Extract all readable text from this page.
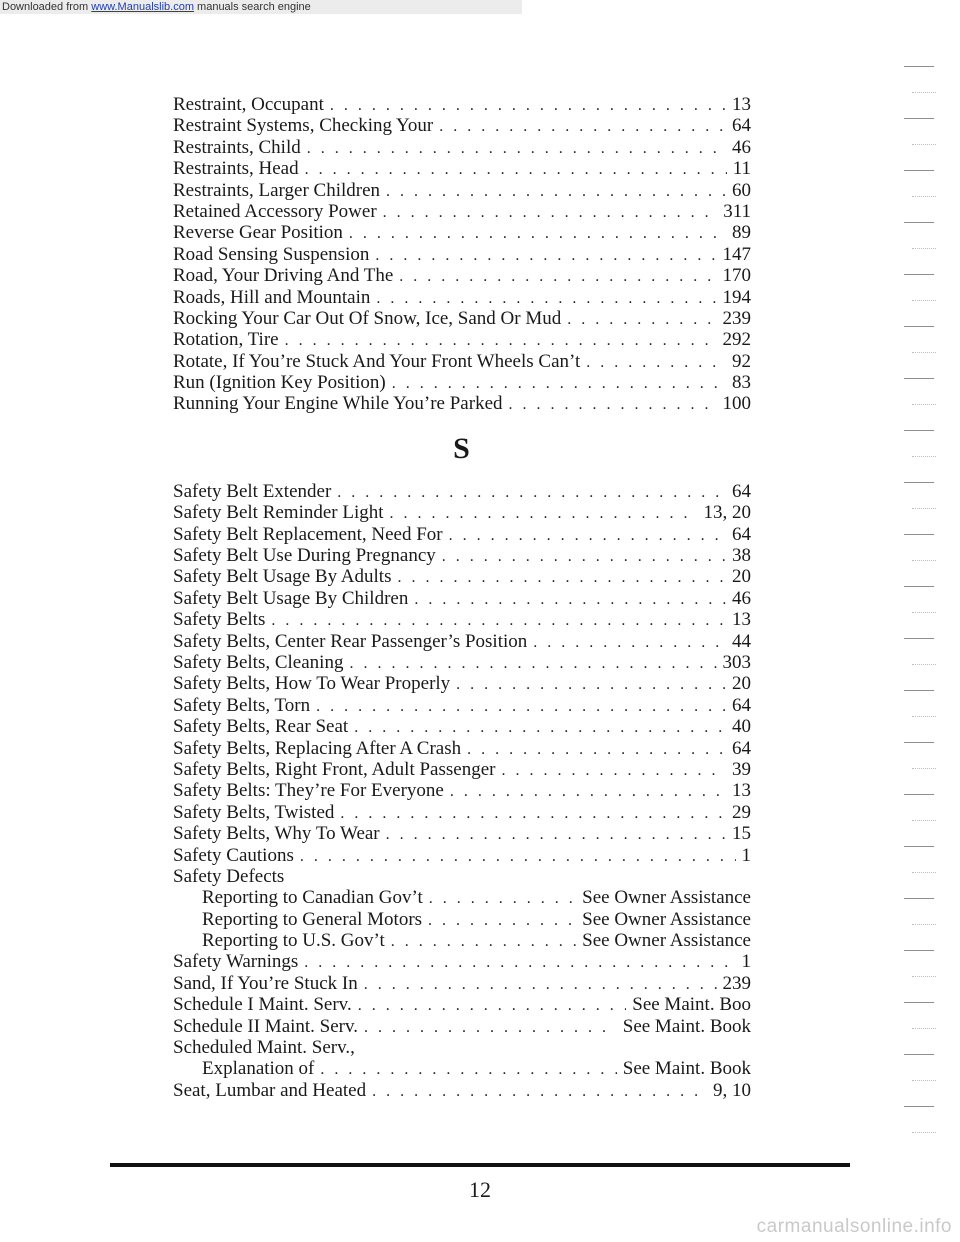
Downloaded from www.Manualslib.com manuals search engine
Restraint, Occupant . . .	13
Restraint Systems, Checking Your . . .	64
Restraints, Child . . .	46
Restraints, Head . . .	11
Restraints, Larger Children . . .	60
Retained Accessory Power . . .	311
Reverse Gear Position . . .	89
Road Sensing Suspension . . .	147
Road, Your Driving And The . . .	170
Roads, Hill and Mountain . . .	194
Rocking Your Car Out Of Snow, Ice, Sand Or Mud . . .	239
Rotation, Tire . . .	292
Rotate, If You’re Stuck And Your Front Wheels Can’t . . .	92
Run (Ignition Key Position) . . .	83
Running Your Engine While You’re Parked . . .	100
S
Safety Belt Extender . . .	64
Safety Belt Reminder Light . . .	13, 20
Safety Belt Replacement, Need For . . .	64
Safety Belt Use During Pregnancy . . .	38
Safety Belt Usage By Adults . . .	20
Safety Belt Usage By Children . . .	46
Safety Belts . . .	13
Safety Belts, Center Rear Passenger’s Position . . .	44
Safety Belts, Cleaning . . .	303
Safety Belts, How To Wear Properly . . .	20
Safety Belts, Torn . . .	64
Safety Belts, Rear Seat . . .	40
Safety Belts, Replacing After A Crash . . .	64
Safety Belts, Right Front, Adult Passenger . . .	39
Safety Belts: They’re For Everyone . . .	13
Safety Belts, Twisted . . .	29
Safety Belts, Why To Wear . . .	15
Safety Cautions . . .	1
Safety Defects
Reporting to Canadian Gov’t . . .	See Owner Assistance
Reporting to General Motors . . .	See Owner Assistance
Reporting to U.S. Gov’t . . .	See Owner Assistance
Safety Warnings . . .	1
Sand, If You’re Stuck In . . .	239
Schedule I Maint. Serv. . . .	See Maint. Boo
Schedule II Maint. Serv. . . .	See Maint. Book
Scheduled Maint. Serv.,
Explanation of . . .	See Maint. Book
Seat, Lumbar and Heated . . .	9, 10
12
carmanualsonline.info
